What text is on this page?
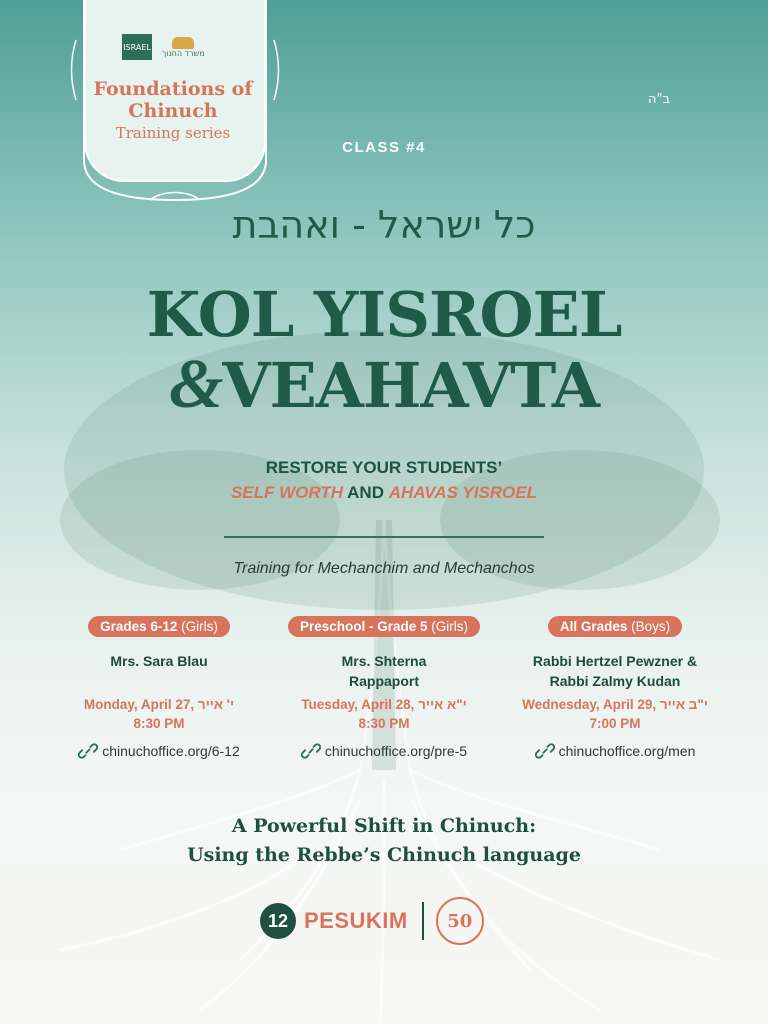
ISRAEL
משרד החנוך
Foundations of Chinuch
Training series
ב"ה
CLASS #4
כל ישראל - ואהבת
KOL YISROEL
&VEAHAVTA
RESTORE YOUR STUDENTS’
SELF WORTH AND AHAVAS YISROEL
Training for Mechanchim and Mechanchos
Grades 6-12 (Girls)
Mrs. Sara Blau
Monday, April 27, י' אייר
8:30 PM
chinuchoffice.org/6-12
Preschool - Grade 5 (Girls)
Mrs. Shterna Rappaport
Tuesday, April 28, י"א אייר
8:30 PM
chinuchoffice.org/pre-5
All Grades (Boys)
Rabbi Hertzel Pewzner & Rabbi Zalmy Kudan
Wednesday, April 29, י"ב אייר
7:00 PM
chinuchoffice.org/men
A Powerful Shift in Chinuch:
Using the Rebbe’s Chinuch language
12 PESUKIM	50
